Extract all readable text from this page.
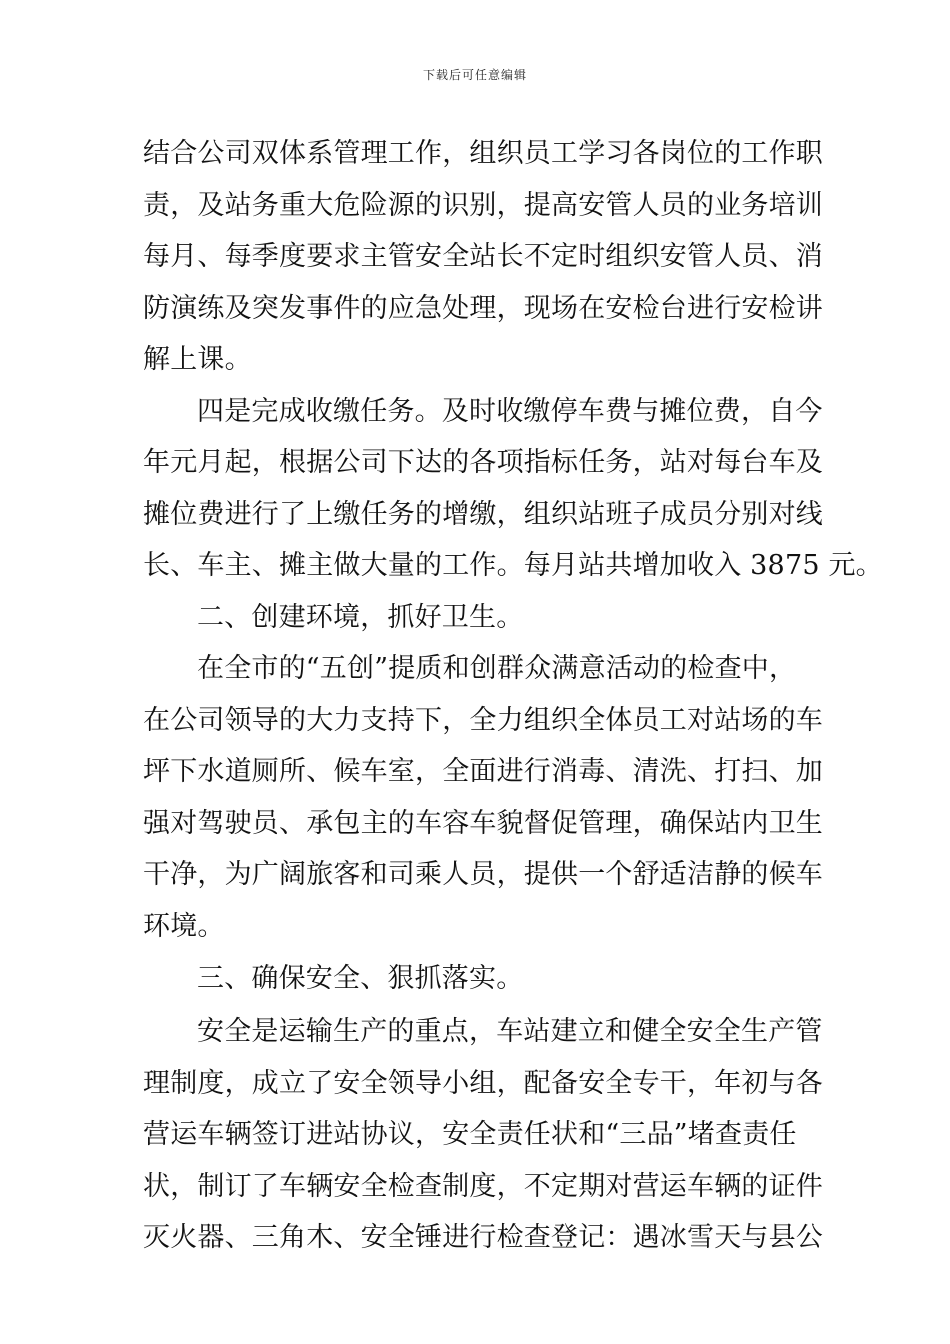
下载后可任意编辑
结合公司双体系管理工作，组织员工学习各岗位的工作职
责，及站务重大危险源的识别，提高安管人员的业务培训
每月、每季度要求主管安全站长不定时组织安管人员、消
防演练及突发事件的应急处理，现场在安检台进行安检讲
解上课。
四是完成收缴任务。及时收缴停车费与摊位费，自今
年元月起，根据公司下达的各项指标任务，站对每台车及
摊位费进行了上缴任务的增缴，组织站班子成员分别对线
长、车主、摊主做大量的工作。每月站共增加收入 3875 元。
二、创建环境，抓好卫生。
在全市的“五创”提质和创群众满意活动的检查中，
在公司领导的大力支持下，全力组织全体员工对站场的车
坪下水道厕所、候车室，全面进行消毒、清洗、打扫、加
强对驾驶员、承包主的车容车貌督促管理，确保站内卫生
干净，为广阔旅客和司乘人员，提供一个舒适洁静的候车
环境。
三、确保安全、狠抓落实。
安全是运输生产的重点，车站建立和健全安全生产管
理制度，成立了安全领导小组，配备安全专干，年初与各
营运车辆签订进站协议，安全责任状和“三品”堵查责任
状，制订了车辆安全检查制度，不定期对营运车辆的证件
灭火器、三角木、安全锤进行检查登记：遇冰雪天与县公
